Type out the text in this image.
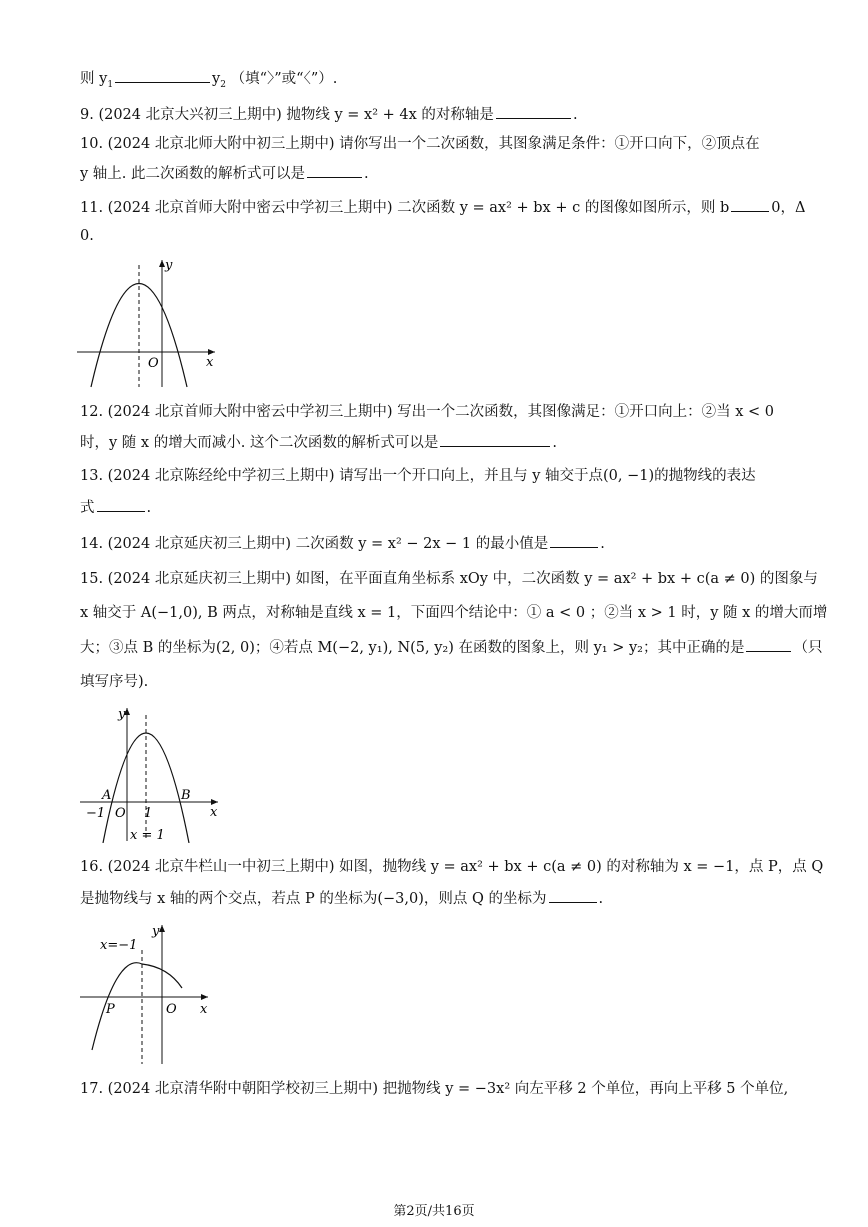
则 $y_1$	$y_2$ （填“〉”或“〈”）.
9. (2024 北京大兴初三上期中) 抛物线 y = x² + 4x 的对称轴是	.
10. (2024 北京北师大附中初三上期中) 请你写出一个二次函数，其图象满足条件：①开口向下，②顶点在
y 轴上. 此二次函数的解析式可以是	.
11. (2024 北京首师大附中密云中学初三上期中) 二次函数 y = ax² + bx + c 的图像如图所示，则 b	0，Δ
0.
y
x
O
12. (2024 北京首师大附中密云中学初三上期中) 写出一个二次函数，其图像满足：①开口向上：②当 x < 0
时，y 随 x 的增大而减小. 这个二次函数的解析式可以是	.
13. (2024 北京陈经纶中学初三上期中) 请写出一个开口向上，并且与 y 轴交于点(0, −1)的抛物线的表达
式	.
14. (2024 北京延庆初三上期中) 二次函数 y = x² − 2x − 1 的最小值是	.
15. (2024 北京延庆初三上期中) 如图，在平面直角坐标系 xOy 中，二次函数 y = ax² + bx + c(a ≠ 0) 的图象与
x 轴交于 A(−1,0), B 两点，对称轴是直线 x = 1，下面四个结论中：① a < 0 ；②当 x > 1 时，y 随 x 的增大而增
大；③点 B 的坐标为(2, 0)；④若点 M(−2, y₁), N(5, y₂) 在函数的图象上，则 y₁ > y₂；其中正确的是	（只
填写序号).
y
x
A	B
−1 O 1
x = 1
16. (2024 北京牛栏山一中初三上期中) 如图，抛物线 y = ax² + bx + c(a ≠ 0) 的对称轴为 x = −1，点 P，点 Q
是抛物线与 x 轴的两个交点，若点 P 的坐标为(−3,0)，则点 Q 的坐标为	.
y
x
O
P
x=−1
17. (2024 北京清华附中朝阳学校初三上期中) 把抛物线 y = −3x² 向左平移 2 个单位，再向上平移 5 个单位,
第2页/共16页
